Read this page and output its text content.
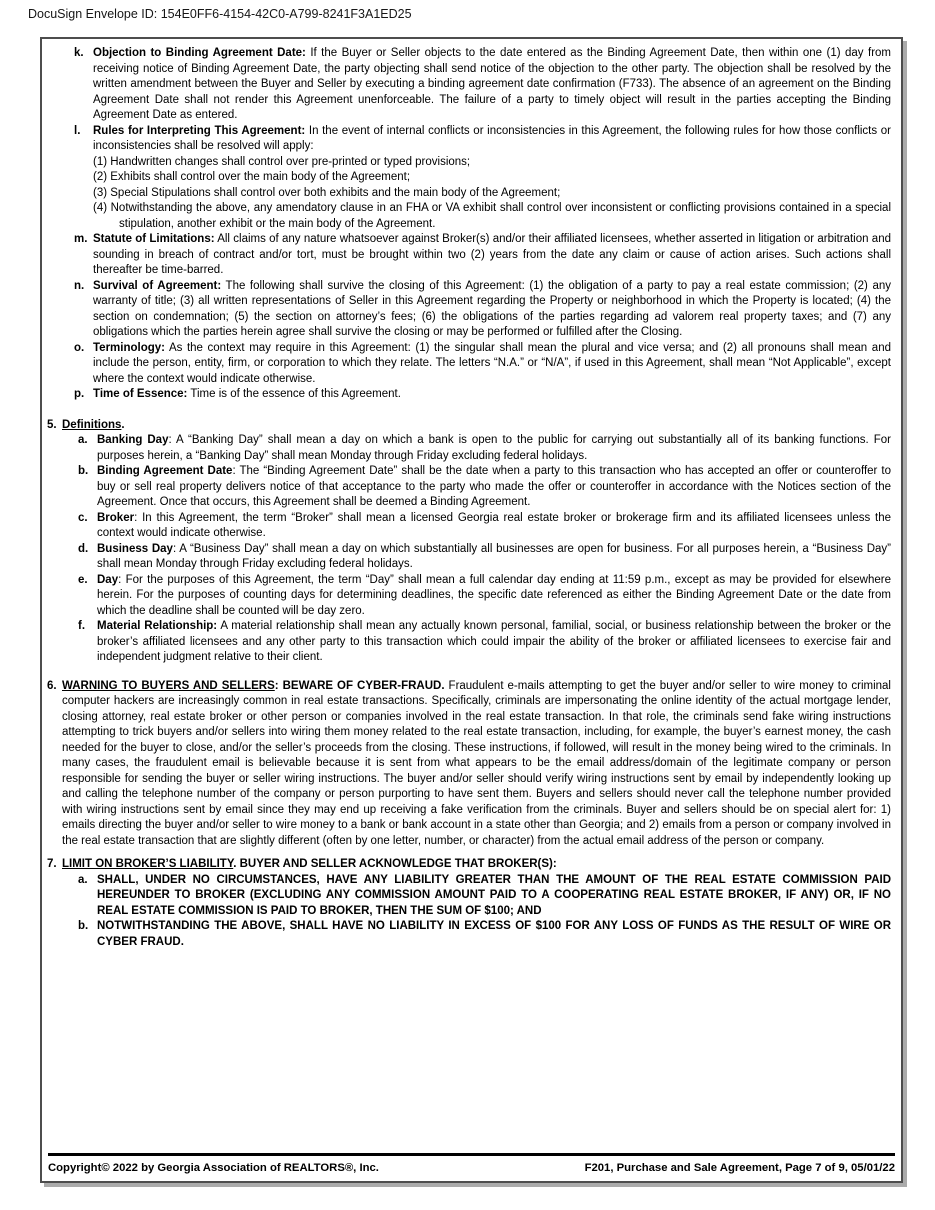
DocuSign Envelope ID: 154E0FF6-4154-42C0-A799-8241F3A1ED25
k. Objection to Binding Agreement Date: If the Buyer or Seller objects to the date entered as the Binding Agreement Date, then within one (1) day from receiving notice of Binding Agreement Date, the party objecting shall send notice of the objection to the other party. The objection shall be resolved by the written amendment between the Buyer and Seller by executing a binding agreement date confirmation (F733). The absence of an agreement on the Binding Agreement Date shall not render this Agreement unenforceable. The failure of a party to timely object will result in the parties accepting the Binding Agreement Date as entered.
l. Rules for Interpreting This Agreement: In the event of internal conflicts or inconsistencies in this Agreement, the following rules for how those conflicts or inconsistencies shall be resolved will apply:
(1) Handwritten changes shall control over pre-printed or typed provisions;
(2) Exhibits shall control over the main body of the Agreement;
(3) Special Stipulations shall control over both exhibits and the main body of the Agreement;
(4) Notwithstanding the above, any amendatory clause in an FHA or VA exhibit shall control over inconsistent or conflicting provisions contained in a special stipulation, another exhibit or the main body of the Agreement.
m. Statute of Limitations: All claims of any nature whatsoever against Broker(s) and/or their affiliated licensees, whether asserted in litigation or arbitration and sounding in breach of contract and/or tort, must be brought within two (2) years from the date any claim or cause of action arises. Such actions shall thereafter be time-barred.
n. Survival of Agreement: The following shall survive the closing of this Agreement: (1) the obligation of a party to pay a real estate commission; (2) any warranty of title; (3) all written representations of Seller in this Agreement regarding the Property or neighborhood in which the Property is located; (4) the section on condemnation; (5) the section on attorney’s fees; (6) the obligations of the parties regarding ad valorem real property taxes; and (7) any obligations which the parties herein agree shall survive the closing or may be performed or fulfilled after the Closing.
o. Terminology: As the context may require in this Agreement: (1) the singular shall mean the plural and vice versa; and (2) all pronouns shall mean and include the person, entity, firm, or corporation to which they relate. The letters “N.A.” or “N/A”, if used in this Agreement, shall mean “Not Applicable”, except where the context would indicate otherwise.
p. Time of Essence: Time is of the essence of this Agreement.
5. Definitions.
a. Banking Day: A “Banking Day” shall mean a day on which a bank is open to the public for carrying out substantially all of its banking functions. For purposes herein, a “Banking Day” shall mean Monday through Friday excluding federal holidays.
b. Binding Agreement Date: The “Binding Agreement Date” shall be the date when a party to this transaction who has accepted an offer or counteroffer to buy or sell real property delivers notice of that acceptance to the party who made the offer or counteroffer in accordance with the Notices section of the Agreement. Once that occurs, this Agreement shall be deemed a Binding Agreement.
c. Broker: In this Agreement, the term “Broker” shall mean a licensed Georgia real estate broker or brokerage firm and its affiliated licensees unless the context would indicate otherwise.
d. Business Day: A “Business Day” shall mean a day on which substantially all businesses are open for business. For all purposes herein, a “Business Day” shall mean Monday through Friday excluding federal holidays.
e. Day: For the purposes of this Agreement, the term “Day” shall mean a full calendar day ending at 11:59 p.m., except as may be provided for elsewhere herein. For the purposes of counting days for determining deadlines, the specific date referenced as either the Binding Agreement Date or the date from which the deadline shall be counted will be day zero.
f. Material Relationship: A material relationship shall mean any actually known personal, familial, social, or business relationship between the broker or the broker’s affiliated licensees and any other party to this transaction which could impair the ability of the broker or affiliated licensees to exercise fair and independent judgment relative to their client.
6. WARNING TO BUYERS AND SELLERS: BEWARE OF CYBER-FRAUD. Fraudulent e-mails attempting to get the buyer and/or seller to wire money to criminal computer hackers are increasingly common in real estate transactions. Specifically, criminals are impersonating the online identity of the actual mortgage lender, closing attorney, real estate broker or other person or companies involved in the real estate transaction. In that role, the criminals send fake wiring instructions attempting to trick buyers and/or sellers into wiring them money related to the real estate transaction, including, for example, the buyer’s earnest money, the cash needed for the buyer to close, and/or the seller’s proceeds from the closing. These instructions, if followed, will result in the money being wired to the criminals. In many cases, the fraudulent email is believable because it is sent from what appears to be the email address/domain of the legitimate company or person responsible for sending the buyer or seller wiring instructions. The buyer and/or seller should verify wiring instructions sent by email by independently looking up and calling the telephone number of the company or person purporting to have sent them. Buyers and sellers should never call the telephone number provided with wiring instructions sent by email since they may end up receiving a fake verification from the criminals. Buyer and sellers should be on special alert for: 1) emails directing the buyer and/or seller to wire money to a bank or bank account in a state other than Georgia; and 2) emails from a person or company involved in the real estate transaction that are slightly different (often by one letter, number, or character) from the actual email address of the person or company.
7. LIMIT ON BROKER’S LIABILITY. BUYER AND SELLER ACKNOWLEDGE THAT BROKER(S):
a. SHALL, UNDER NO CIRCUMSTANCES, HAVE ANY LIABILITY GREATER THAN THE AMOUNT OF THE REAL ESTATE COMMISSION PAID HEREUNDER TO BROKER (EXCLUDING ANY COMMISSION AMOUNT PAID TO A COOPERATING REAL ESTATE BROKER, IF ANY) OR, IF NO REAL ESTATE COMMISSION IS PAID TO BROKER, THEN THE SUM OF $100; AND
b. NOTWITHSTANDING THE ABOVE, SHALL HAVE NO LIABILITY IN EXCESS OF $100 FOR ANY LOSS OF FUNDS AS THE RESULT OF WIRE OR CYBER FRAUD.
Copyright© 2022 by Georgia Association of REALTORS®, Inc.	F201, Purchase and Sale Agreement, Page 7 of 9, 05/01/22
